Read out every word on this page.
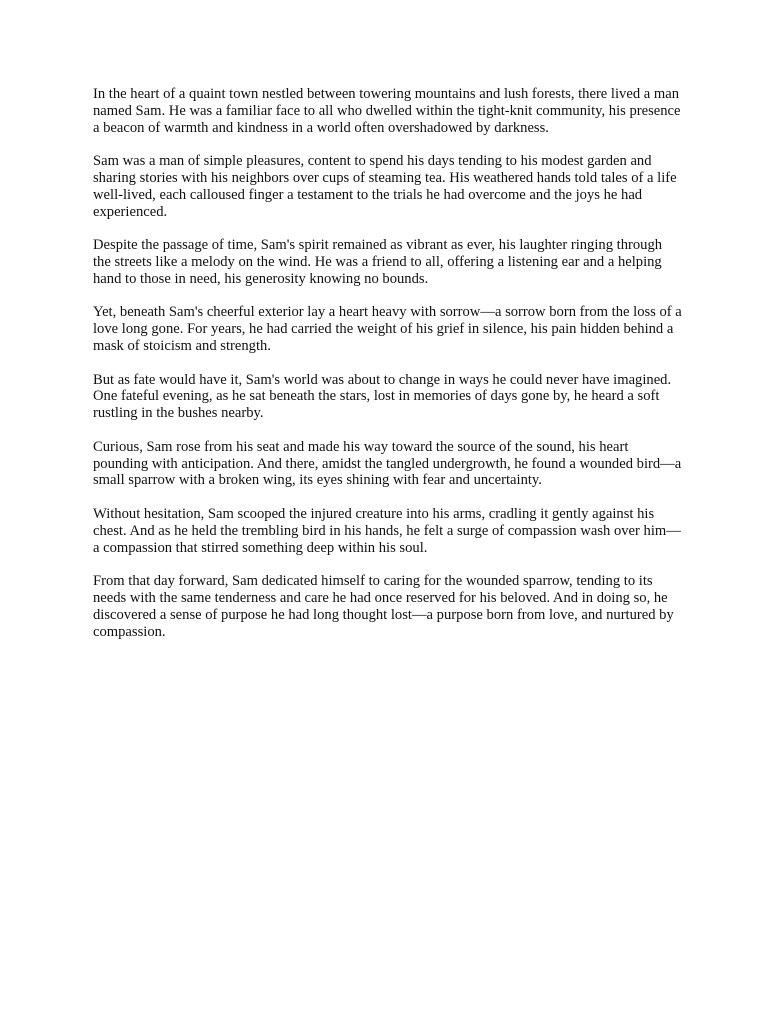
In the heart of a quaint town nestled between towering mountains and lush forests, there lived a man named Sam. He was a familiar face to all who dwelled within the tight-knit community, his presence a beacon of warmth and kindness in a world often overshadowed by darkness.

Sam was a man of simple pleasures, content to spend his days tending to his modest garden and sharing stories with his neighbors over cups of steaming tea. His weathered hands told tales of a life well-lived, each calloused finger a testament to the trials he had overcome and the joys he had experienced.

Despite the passage of time, Sam's spirit remained as vibrant as ever, his laughter ringing through the streets like a melody on the wind. He was a friend to all, offering a listening ear and a helping hand to those in need, his generosity knowing no bounds.

Yet, beneath Sam's cheerful exterior lay a heart heavy with sorrow—a sorrow born from the loss of a love long gone. For years, he had carried the weight of his grief in silence, his pain hidden behind a mask of stoicism and strength.

But as fate would have it, Sam's world was about to change in ways he could never have imagined. One fateful evening, as he sat beneath the stars, lost in memories of days gone by, he heard a soft rustling in the bushes nearby.

Curious, Sam rose from his seat and made his way toward the source of the sound, his heart pounding with anticipation. And there, amidst the tangled undergrowth, he found a wounded bird—a small sparrow with a broken wing, its eyes shining with fear and uncertainty.

Without hesitation, Sam scooped the injured creature into his arms, cradling it gently against his chest. And as he held the trembling bird in his hands, he felt a surge of compassion wash over him—a compassion that stirred something deep within his soul.

From that day forward, Sam dedicated himself to caring for the wounded sparrow, tending to its needs with the same tenderness and care he had once reserved for his beloved. And in doing so, he discovered a sense of purpose he had long thought lost—a purpose born from love, and nurtured by compassion.
